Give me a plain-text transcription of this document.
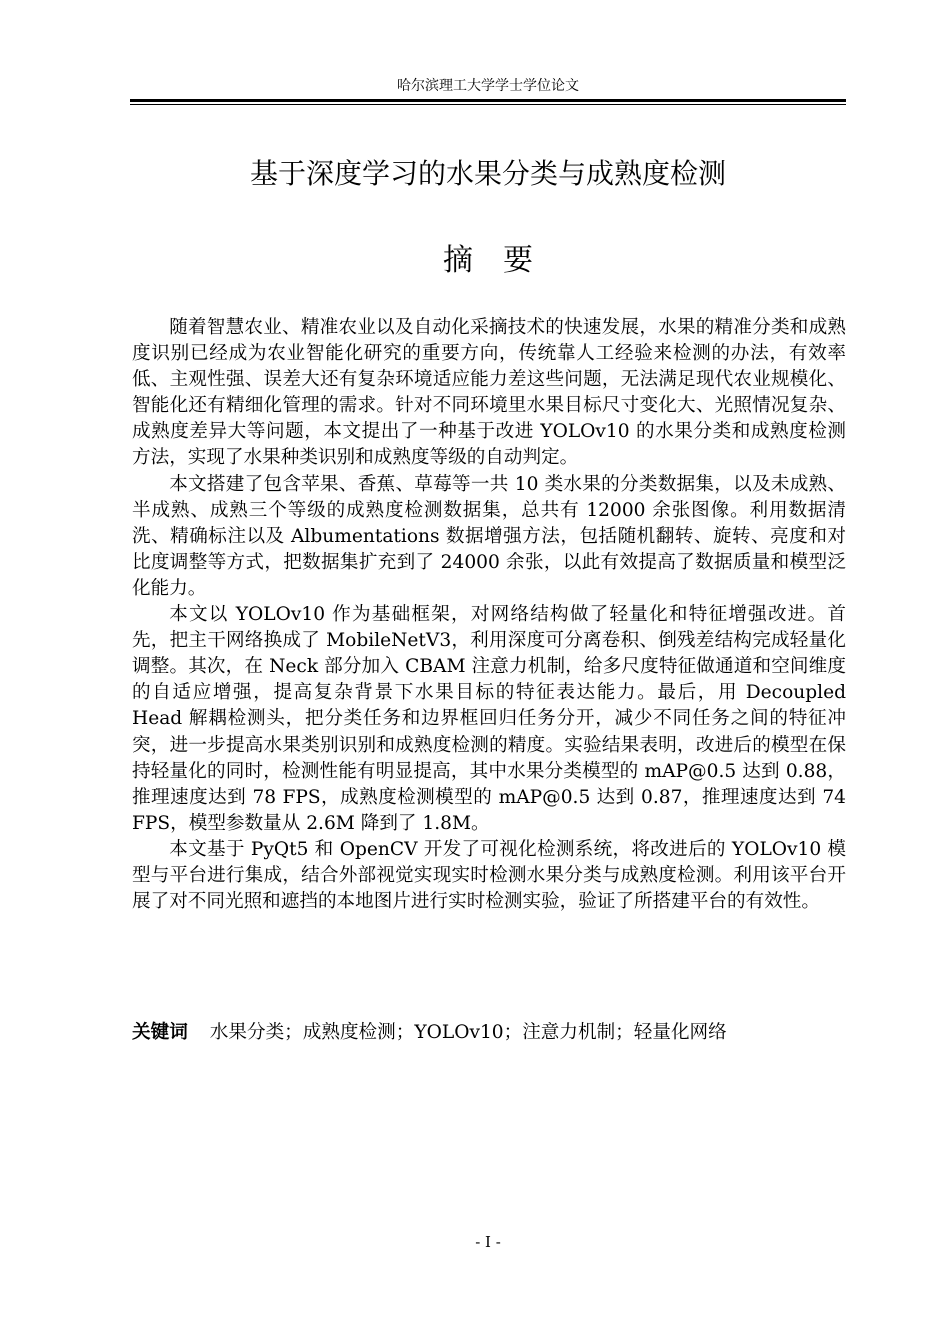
哈尔滨理工大学学士学位论文
基于深度学习的水果分类与成熟度检测
摘要

随着智慧农业、精准农业以及自动化采摘技术的快速发展，水果的精准分类和成熟度识别已经成为农业智能化研究的重要方向，传统靠人工经验来检测的办法，有效率低、主观性强、误差大还有复杂环境适应能力差这些问题，无法满足现代农业规模化、智能化还有精细化管理的需求。针对不同环境里水果目标尺寸变化大、光照情况复杂、成熟度差异大等问题，本文提出了一种基于改进 YOLOv10 的水果分类和成熟度检测方法，实现了水果种类识别和成熟度等级的自动判定。

本文搭建了包含苹果、香蕉、草莓等一共 10 类水果的分类数据集，以及未成熟、半成熟、成熟三个等级的成熟度检测数据集，总共有 12000 余张图像。利用数据清洗、精确标注以及 Albumentations 数据增强方法，包括随机翻转、旋转、亮度和对比度调整等方式，把数据集扩充到了 24000 余张，以此有效提高了数据质量和模型泛化能力。

本文以 YOLOv10 作为基础框架，对网络结构做了轻量化和特征增强改进。首先，把主干网络换成了 MobileNetV3，利用深度可分离卷积、倒残差结构完成轻量化调整。其次，在 Neck 部分加入 CBAM 注意力机制，给多尺度特征做通道和空间维度的自适应增强，提高复杂背景下水果目标的特征表达能力。最后，用 Decoupled Head 解耦检测头，把分类任务和边界框回归任务分开，减少不同任务之间的特征冲突，进一步提高水果类别识别和成熟度检测的精度。实验结果表明，改进后的模型在保持轻量化的同时，检测性能有明显提高，其中水果分类模型的 mAP@0.5 达到 0.88，推理速度达到 78 FPS，成熟度检测模型的 mAP@0.5 达到 0.87，推理速度达到 74 FPS，模型参数量从 2.6M 降到了 1.8M。

本文基于 PyQt5 和 OpenCV 开发了可视化检测系统，将改进后的 YOLOv10 模型与平台进行集成，结合外部视觉实现实时检测水果分类与成熟度检测。利用该平台开展了对不同光照和遮挡的本地图片进行实时检测实验，验证了所搭建平台的有效性。

关键词 水果分类；成熟度检测；YOLOv10；注意力机制；轻量化网络
- I -
